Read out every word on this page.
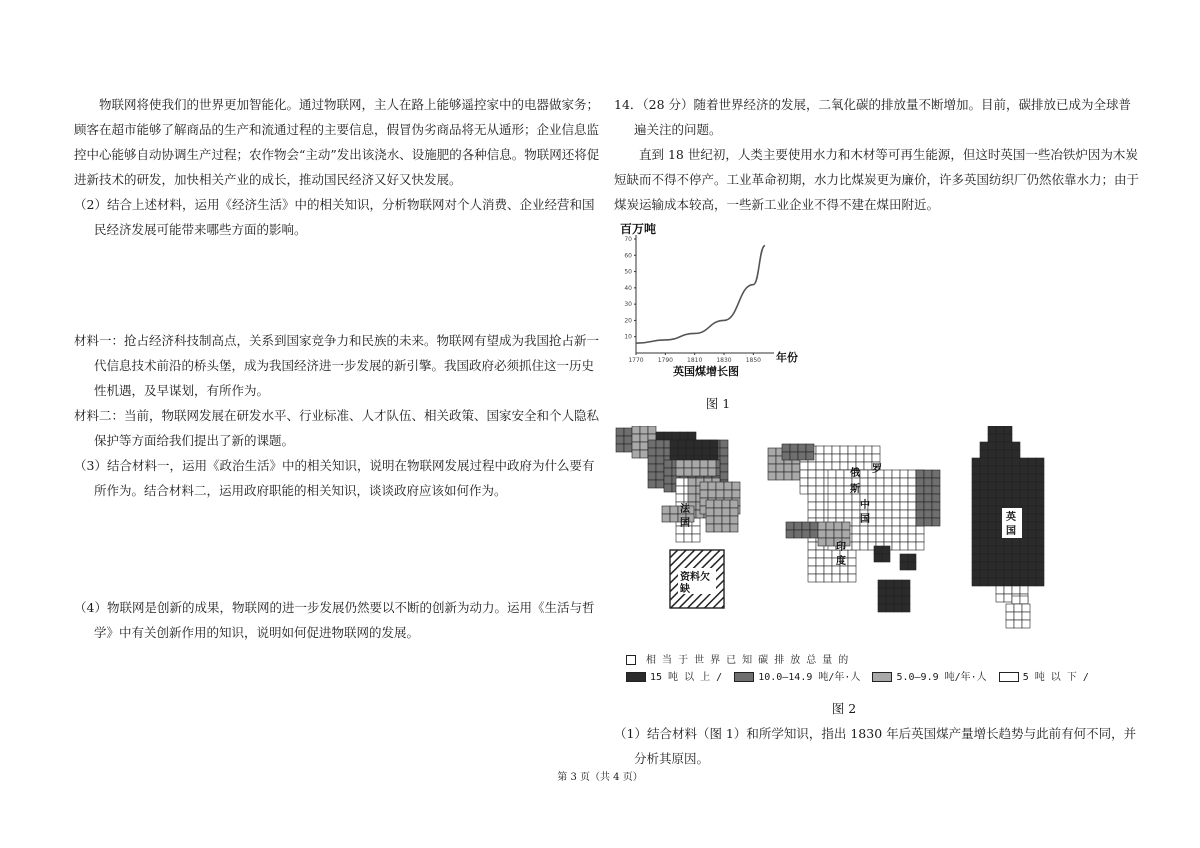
物联网将使我们的世界更加智能化。通过物联网，主人在路上能够遥控家中的电器做家务；顾客在超市能够了解商品的生产和流通过程的主要信息，假冒伪劣商品将无从遁形；企业信息监控中心能够自动协调生产过程；农作物会“主动”发出该浇水、设施肥的各种信息。物联网还将促进新技术的研发，加快相关产业的成长，推动国民经济又好又快发展。

（2）结合上述材料，运用《经济生活》中的相关知识，分析物联网对个人消费、企业经营和国民经济发展可能带来哪些方面的影响。

材料一：抢占经济科技制高点，关系到国家竞争力和民族的未来。物联网有望成为我国抢占新一代信息技术前沿的桥头堡，成为我国经济进一步发展的新引擎。我国政府必须抓住这一历史性机遇，及早谋划，有所作为。

材料二：当前，物联网发展在研发水平、行业标准、人才队伍、相关政策、国家安全和个人隐私保护等方面给我们提出了新的课题。

（3）结合材料一，运用《政治生活》中的相关知识，说明在物联网发展过程中政府为什么要有所作为。结合材料二，运用政府职能的相关知识，谈谈政府应该如何作为。

（4）物联网是创新的成果，物联网的进一步发展仍然要以不断的创新为动力。运用《生活与哲学》中有关创新作用的知识，说明如何促进物联网的发展。

14．（28 分）随着世界经济的发展，二氧化碳的排放量不断增加。目前，碳排放已成为全球普遍关注的问题。

直到 18 世纪初，人类主要使用水力和木材等可再生能源，但这时英国一些冶铁炉因为木炭短缺而不得不停产。工业革命初期，水力比煤炭更为廉价，许多英国纺织厂仍然依靠水力；由于煤炭运输成本较高，一些新工业企业不得不建在煤田附近。

百万吨
10
20
30
40
50
60
70
1770 1790 1810 1830 1850 年份
英国煤增长图

图 1

法
国
资料欠
缺
俄 罗
斯
中
国
印
度
英
国
相 当 于 世 界 已 知 碳 排 放 总 量 的
15 吨 以 上 /	10.0—14.9 吨/年·人	5.0—9.9 吨/年·人	5 吨 以 下 /

图 2

（1）结合材料（图 1）和所学知识，指出 1830 年后英国煤产量增长趋势与此前有何不同，并分析其原因。

第 3 页（共 4 页）
